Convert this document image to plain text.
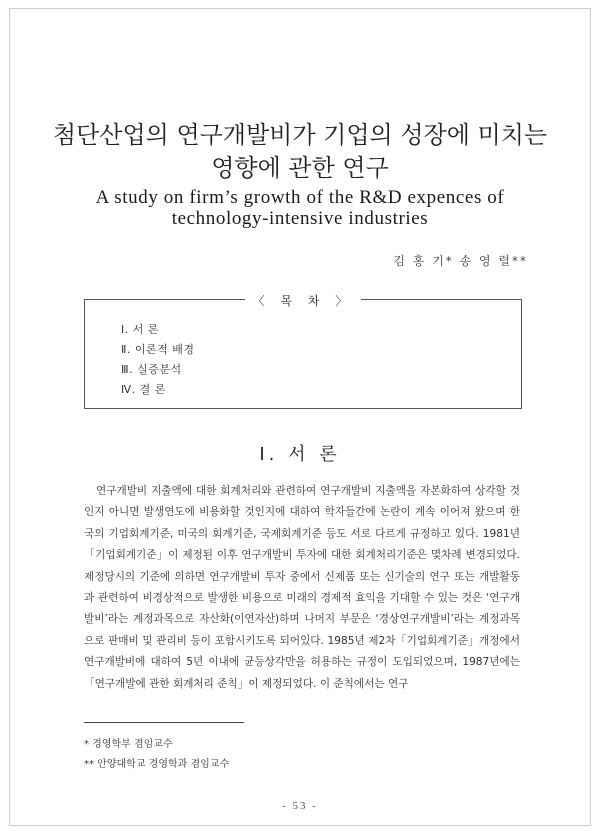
첨단산업의 연구개발비가 기업의 성장에 미치는
영향에 관한 연구
A study on firm’s growth of the R&D expences of
technology-intensive industries
김 홍 기* 송 영 렬**
〈 목 차 〉
Ⅰ. 서 론
Ⅱ. 이론적 배경
Ⅲ. 실증분석
Ⅳ. 결 론
Ⅰ. 서 론

연구개발비 지출액에 대한 회계처리와 관련하여 연구개발비 지출액을 자본화하여 상각할 것인지 아니면 발생연도에 비용화할 것인지에 대하여 학자들간에 논란이 계속 이어져 왔으며 한국의 기업회계기준, 미국의 회계기준, 국제회계기준 등도 서로 다르게 규정하고 있다. 1981년「기업회계기준」이 제정된 이후 연구개발비 투자에 대한 회계처리기준은 몇차례 변경되었다. 제정당시의 기준에 의하면 연구개발비 투자 중에서 신제품 또는 신기술의 연구 또는 개발활동과 관련하여 비경상적으로 발생한 비용으로 미래의 경제적 효익을 기대할 수 있는 것은 ‘연구개발비’라는 계정과목으로 자산화(이연자산)하며 나머지 부문은 ‘경상연구개발비’라는 계정과목으로 판매비 및 관리비 등이 포함시키도록 되어있다. 1985년 제2차「기업회계기준」개정에서 연구개발비에 대하여 5년 이내에 균등상각만을 허용하는 규정이 도입되었으며, 1987년에는「연구개발에 관한 회계처리 준칙」이 제정되었다. 이 준칙에서는 연구

* 경영학부 겸임교수
** 안양대학교 경영학과 겸임교수
- 53 -
